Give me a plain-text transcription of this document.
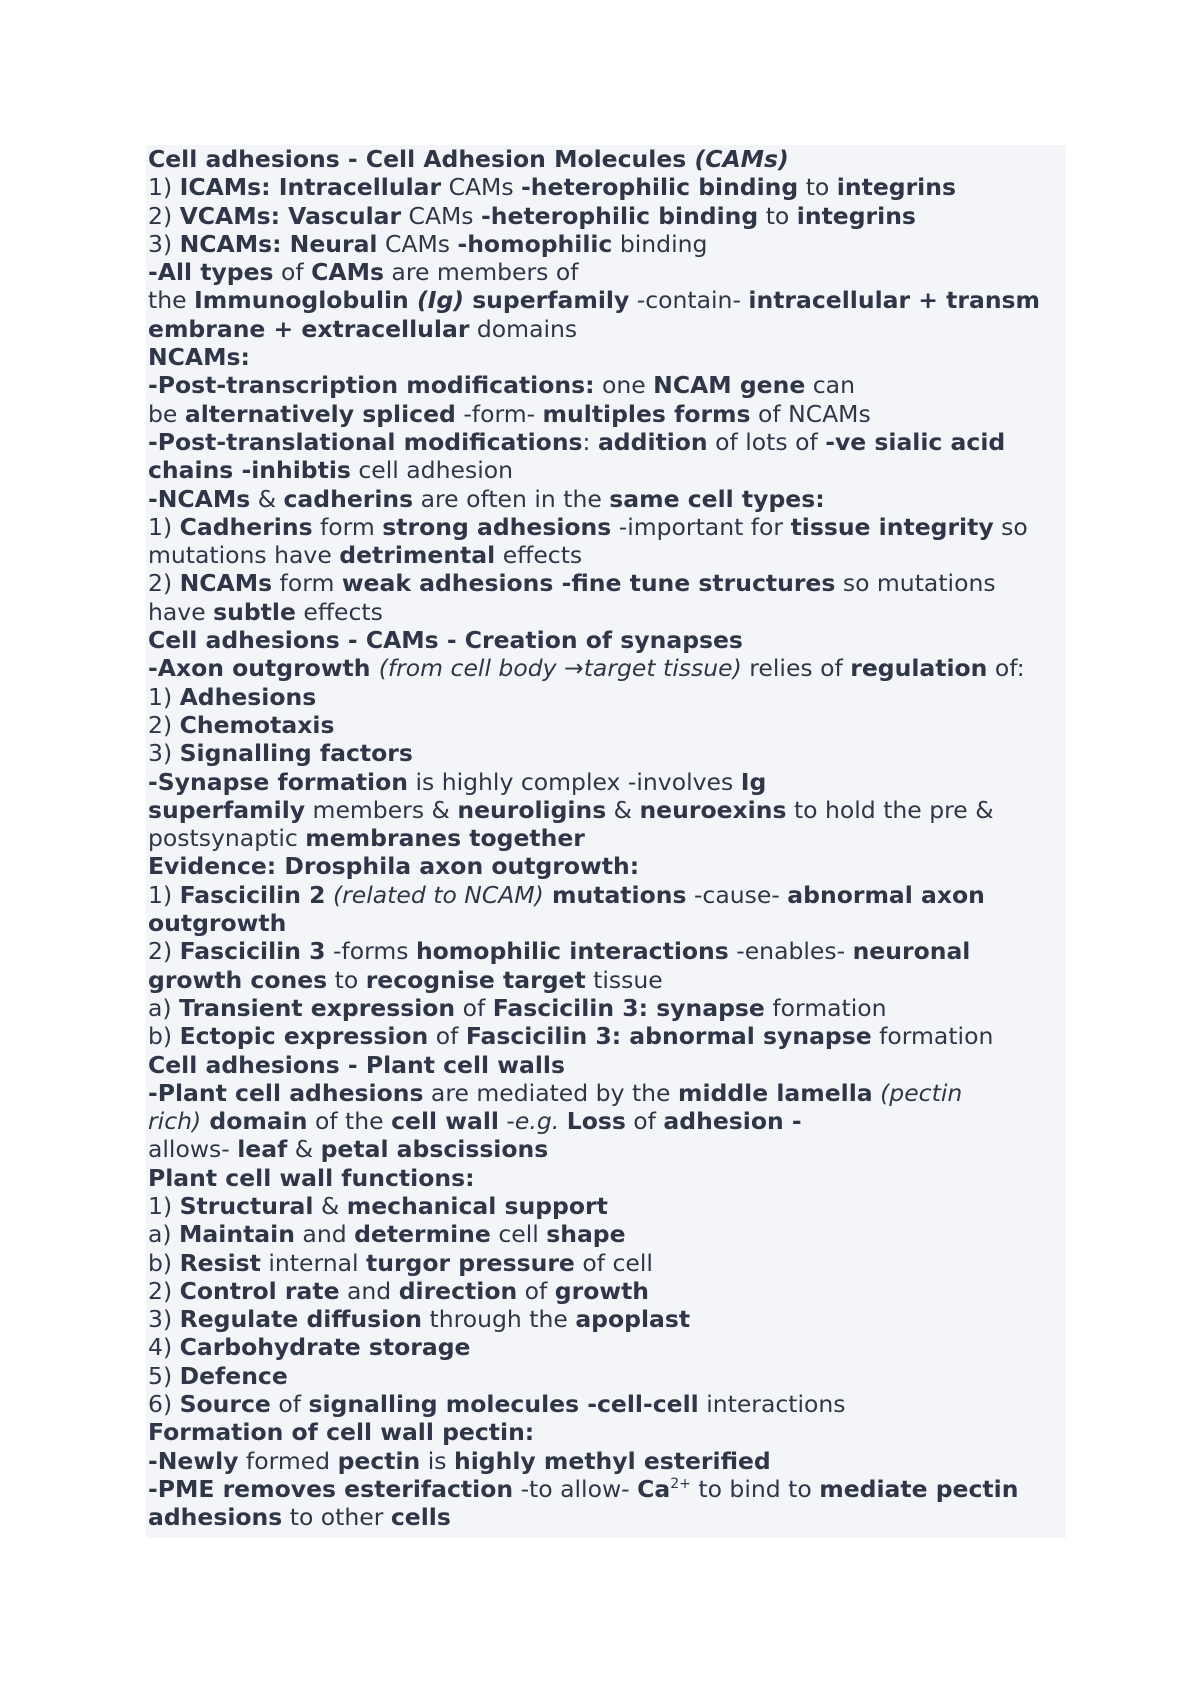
Cell adhesions - Cell Adhesion Molecules (CAMs)
1) ICAMs: Intracellular CAMs -heterophilic binding to integrins
2) VCAMs: Vascular CAMs -heterophilic binding to integrins
3) NCAMs: Neural CAMs -homophilic binding
-All types of CAMs are members of
the Immunoglobulin (Ig) superfamily -contain- intracellular + transm
embrane + extracellular domains
NCAMs:
-Post-transcription modifications: one NCAM gene can
be alternatively spliced -form- multiples forms of NCAMs
-Post-translational modifications: addition of lots of -ve sialic acid
chains -inhibtis cell adhesion
-NCAMs & cadherins are often in the same cell types:
1) Cadherins form strong adhesions -important for tissue integrity so
mutations have detrimental effects
2) NCAMs form weak adhesions -fine tune structures so mutations
have subtle effects
Cell adhesions - CAMs - Creation of synapses
-Axon outgrowth (from cell body →target tissue) relies of regulation of:
1) Adhesions
2) Chemotaxis
3) Signalling factors
-Synapse formation is highly complex -involves Ig
superfamily members & neuroligins & neuroexins to hold the pre &
postsynaptic membranes together
Evidence: Drosphila axon outgrowth:
1) Fascicilin 2 (related to NCAM) mutations -cause- abnormal axon
outgrowth
2) Fascicilin 3 -forms homophilic interactions -enables- neuronal
growth cones to recognise target tissue
a) Transient expression of Fascicilin 3: synapse formation
b) Ectopic expression of Fascicilin 3: abnormal synapse formation
Cell adhesions - Plant cell walls
-Plant cell adhesions are mediated by the middle lamella (pectin
rich) domain of the cell wall -e.g. Loss of adhesion -
allows- leaf & petal abscissions
Plant cell wall functions:
1) Structural & mechanical support
a) Maintain and determine cell shape
b) Resist internal turgor pressure of cell
2) Control rate and direction of growth
3) Regulate diffusion through the apoplast
4) Carbohydrate storage
5) Defence
6) Source of signalling molecules -cell-cell interactions
Formation of cell wall pectin:
-Newly formed pectin is highly methyl esterified
-PME removes esterifaction -to allow- $Ca^{2+}$ to bind to mediate pectin
adhesions to other cells
